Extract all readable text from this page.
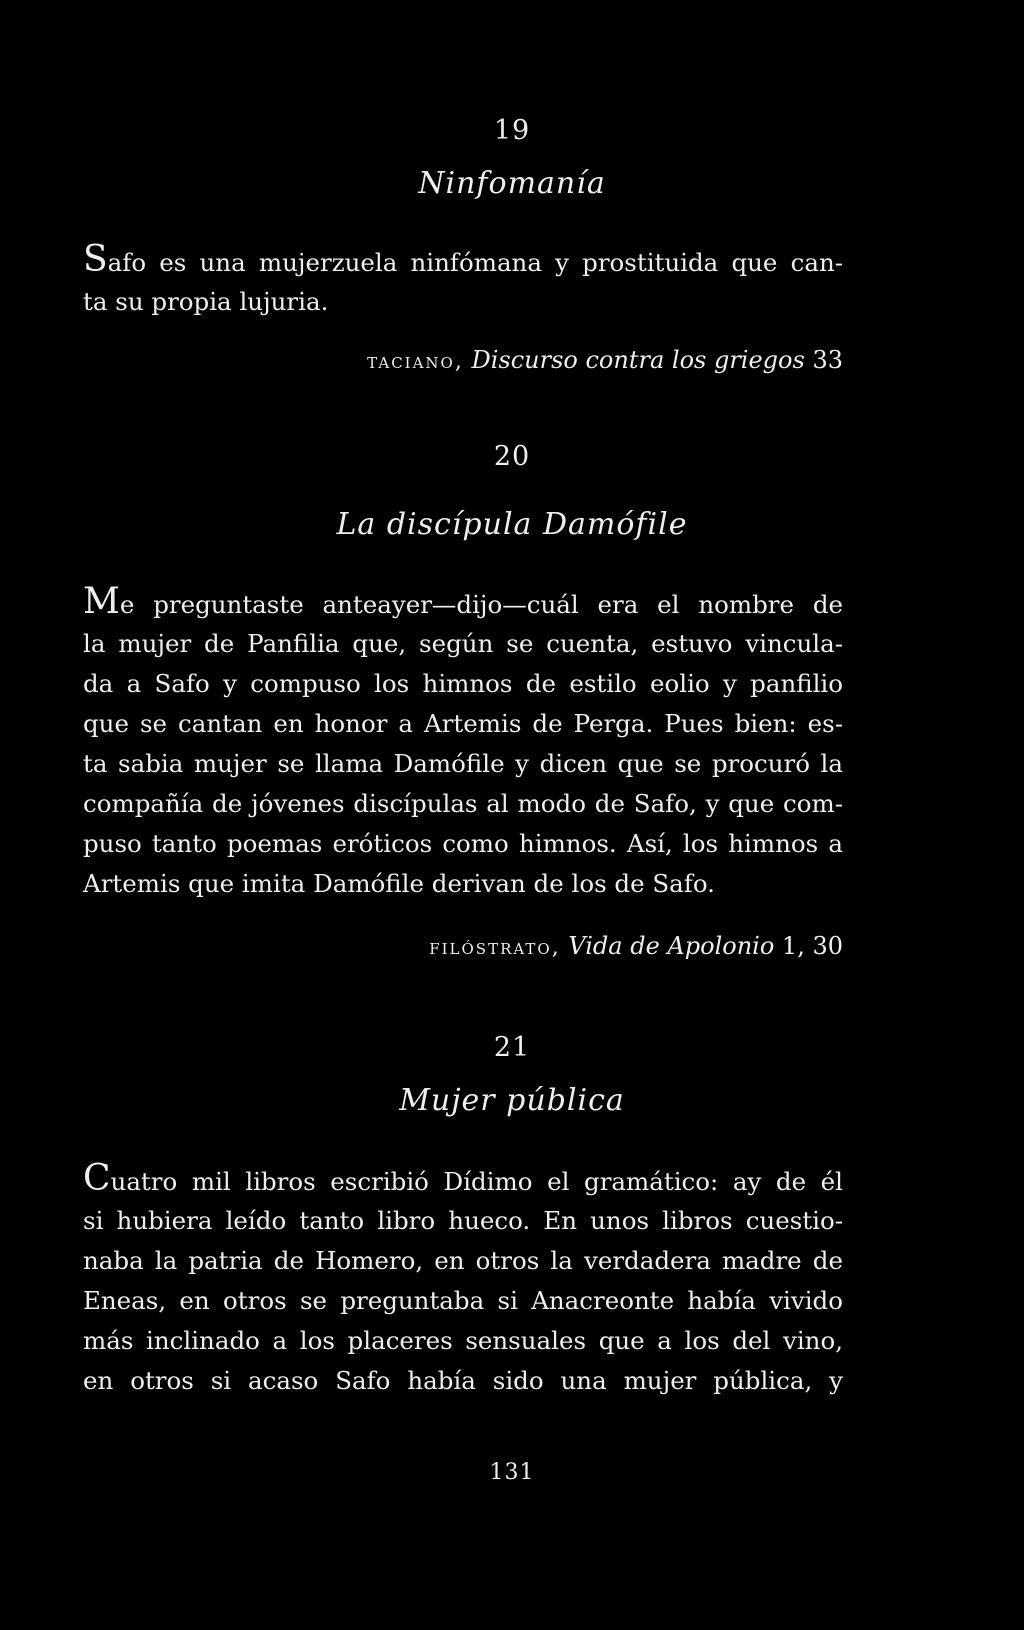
19
Ninfomanía
Safo es una mujerzuela ninfómana y prostituida que can-
ta su propia lujuria.
taciano, Discurso contra los griegos 33
20
La discípula Damófile
Me preguntaste anteayer—dijo—cuál era el nombre de
la mujer de Panfilia que, según se cuenta, estuvo vincula-
da a Safo y compuso los himnos de estilo eolio y panfilio
que se cantan en honor a Artemis de Perga. Pues bien: es-
ta sabia mujer se llama Damófile y dicen que se procuró la
compañía de jóvenes discípulas al modo de Safo, y que com-
puso tanto poemas eróticos como himnos. Así, los himnos a
Artemis que imita Damófile derivan de los de Safo.
filóstrato, Vida de Apolonio 1, 30
21
Mujer pública
Cuatro mil libros escribió Dídimo el gramático: ay de él
si hubiera leído tanto libro hueco. En unos libros cuestio-
naba la patria de Homero, en otros la verdadera madre de
Eneas, en otros se preguntaba si Anacreonte había vivido
más inclinado a los placeres sensuales que a los del vino,
en otros si acaso Safo había sido una mujer pública, y
131
